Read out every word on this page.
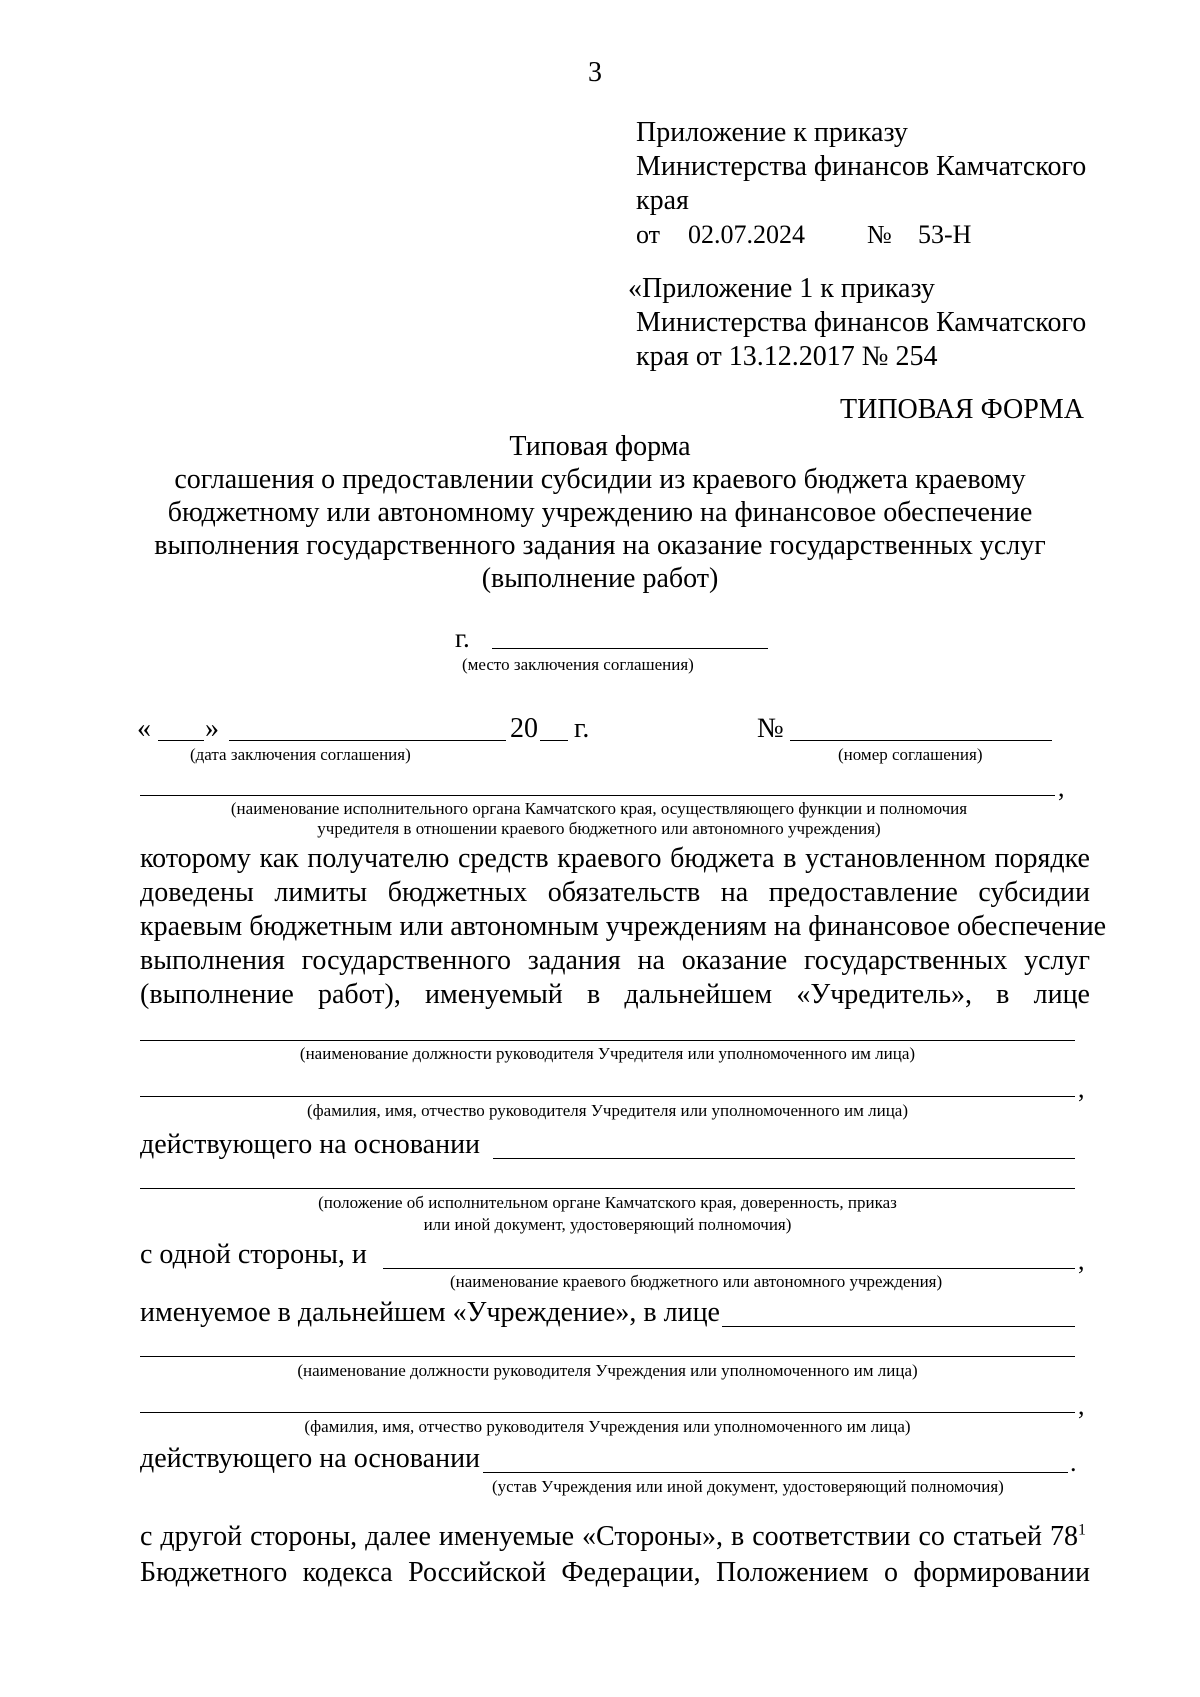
3
Приложение к приказу
Министерства финансов Камчатского
края
от 02.07.2024 № 53-Н
«Приложение 1 к приказу
Министерства финансов Камчатского
края от 13.12.2017 № 254
ТИПОВАЯ ФОРМА
Типовая форма
соглашения о предоставлении субсидии из краевого бюджета краевому
бюджетному или автономному учреждению на финансовое обеспечение
выполнения государственного задания на оказание государственных услуг
(выполнение работ)
г.
(место заключения соглашения)
« »	20 г.	№
(дата заключения соглашения)	(номер соглашения)
,
(наименование исполнительного органа Камчатского края, осуществляющего функции и полномочия
учредителя в отношении краевого бюджетного или автономного учреждения)
которому как получателю средств краевого бюджета в установленном порядке
доведены лимиты бюджетных обязательств на предоставление субсидии
краевым бюджетным или автономным учреждениям на финансовое обеспечение
выполнения государственного задания на оказание государственных услуг
(выполнение работ), именуемый в дальнейшем «Учредитель», в лице
(наименование должности руководителя Учредителя или уполномоченного им лица)
,
(фамилия, имя, отчество руководителя Учредителя или уполномоченного им лица)
действующего на основании
(положение об исполнительном органе Камчатского края, доверенность, приказ
или иной документ, удостоверяющий полномочия)
с одной стороны, и	,
(наименование краевого бюджетного или автономного учреждения)
именуемое в дальнейшем «Учреждение», в лице
(наименование должности руководителя Учреждения или уполномоченного им лица)
,
(фамилия, имя, отчество руководителя Учреждения или уполномоченного им лица)
действующего на основании	.
(устав Учреждения или иной документ, удостоверяющий полномочия)
с другой стороны, далее именуемые «Стороны», в соответствии со статьей $78^1$
Бюджетного кодекса Российской Федерации, Положением о формировании
